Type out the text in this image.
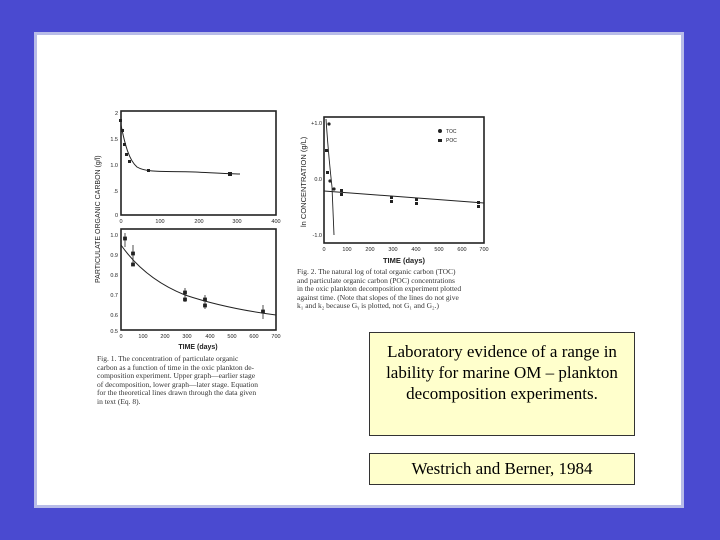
PARTICULATE ORGANIC CARBON (g/l)
2
1.5
1.0
.5
0
0	100	200	300	400
1.0
0.9
0.8
0.7
0.6
0.5
0	100 200 300	400 500 600 700
TIME (days)
Fig. 1. The concentration of particulate organic
carbon as a function of time in the oxic plankton de-
composition experiment. Upper graph—earlier stage
of decomposition, lower graph—later stage. Equation
for the theoretical lines drawn through the data given
in text (Eq. 8).
ln CONCENTRATION (g/L)
+1.0
0.0
-1.0
0	100	200	300	400	500	600 700
TIME (days)
TOC
POC
Fig. 2. The natural log of total organic carbon (TOC)
and particulate organic carbon (POC) concentrations
in the oxic plankton decomposition experiment plotted
against time. (Note that slopes of the lines do not give
k₁ and k₂ because Gᵧ is plotted, not G₁ and G₂.)
Laboratory evidence of a range in lability for marine OM – plankton decomposition experiments.
Westrich and Berner, 1984
